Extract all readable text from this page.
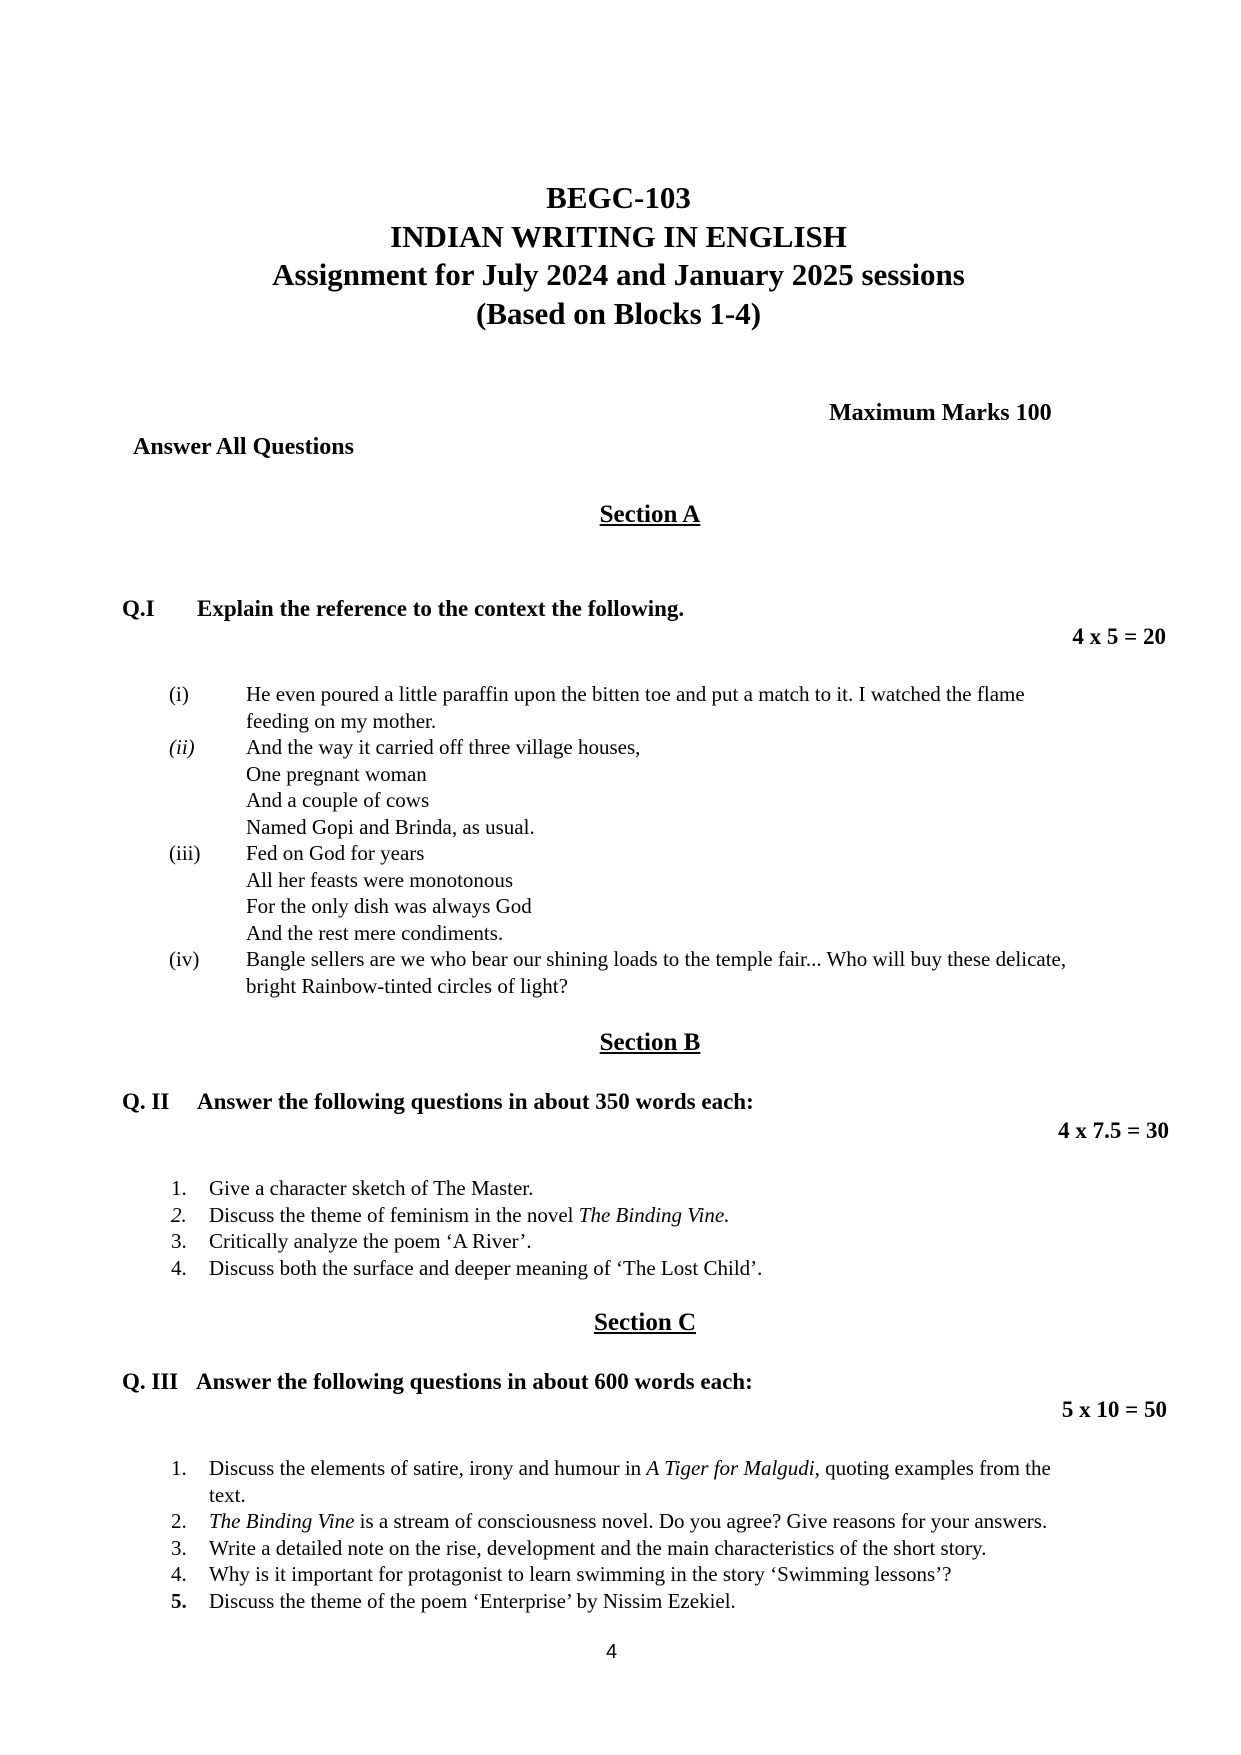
BEGC-103
INDIAN WRITING IN ENGLISH
Assignment for July 2024 and January 2025 sessions
(Based on Blocks 1-4)
Maximum Marks 100
Answer All Questions
Section A
Q.I Explain the reference to the context the following.
4 x 5 = 20
(i)	He even poured a little paraffin upon the bitten toe and put a match to it. I watched the flame
feeding on my mother.
(ii)	And the way it carried off three village houses,
One pregnant woman
And a couple of cows
Named Gopi and Brinda, as usual.
(iii)	Fed on God for years
All her feasts were monotonous
For the only dish was always God
And the rest mere condiments.
(iv)	Bangle sellers are we who bear our shining loads to the temple fair... Who will buy these delicate,
bright Rainbow-tinted circles of light?
Section B
Q. II Answer the following questions in about 350 words each:
4 x 7.5 = 30
1.	Give a character sketch of The Master.
2.	Discuss the theme of feminism in the novel The Binding Vine.
3.	Critically analyze the poem ‘A River’.
4.	Discuss both the surface and deeper meaning of ‘The Lost Child’.
Section C
Q. III Answer the following questions in about 600 words each:
5 x 10 = 50
1.	Discuss the elements of satire, irony and humour in A Tiger for Malgudi, quoting examples from the
text.
2.	The Binding Vine is a stream of consciousness novel. Do you agree? Give reasons for your answers.
3.	Write a detailed note on the rise, development and the main characteristics of the short story.
4.	Why is it important for protagonist to learn swimming in the story ‘Swimming lessons’?
5.	Discuss the theme of the poem ‘Enterprise’ by Nissim Ezekiel.
4
